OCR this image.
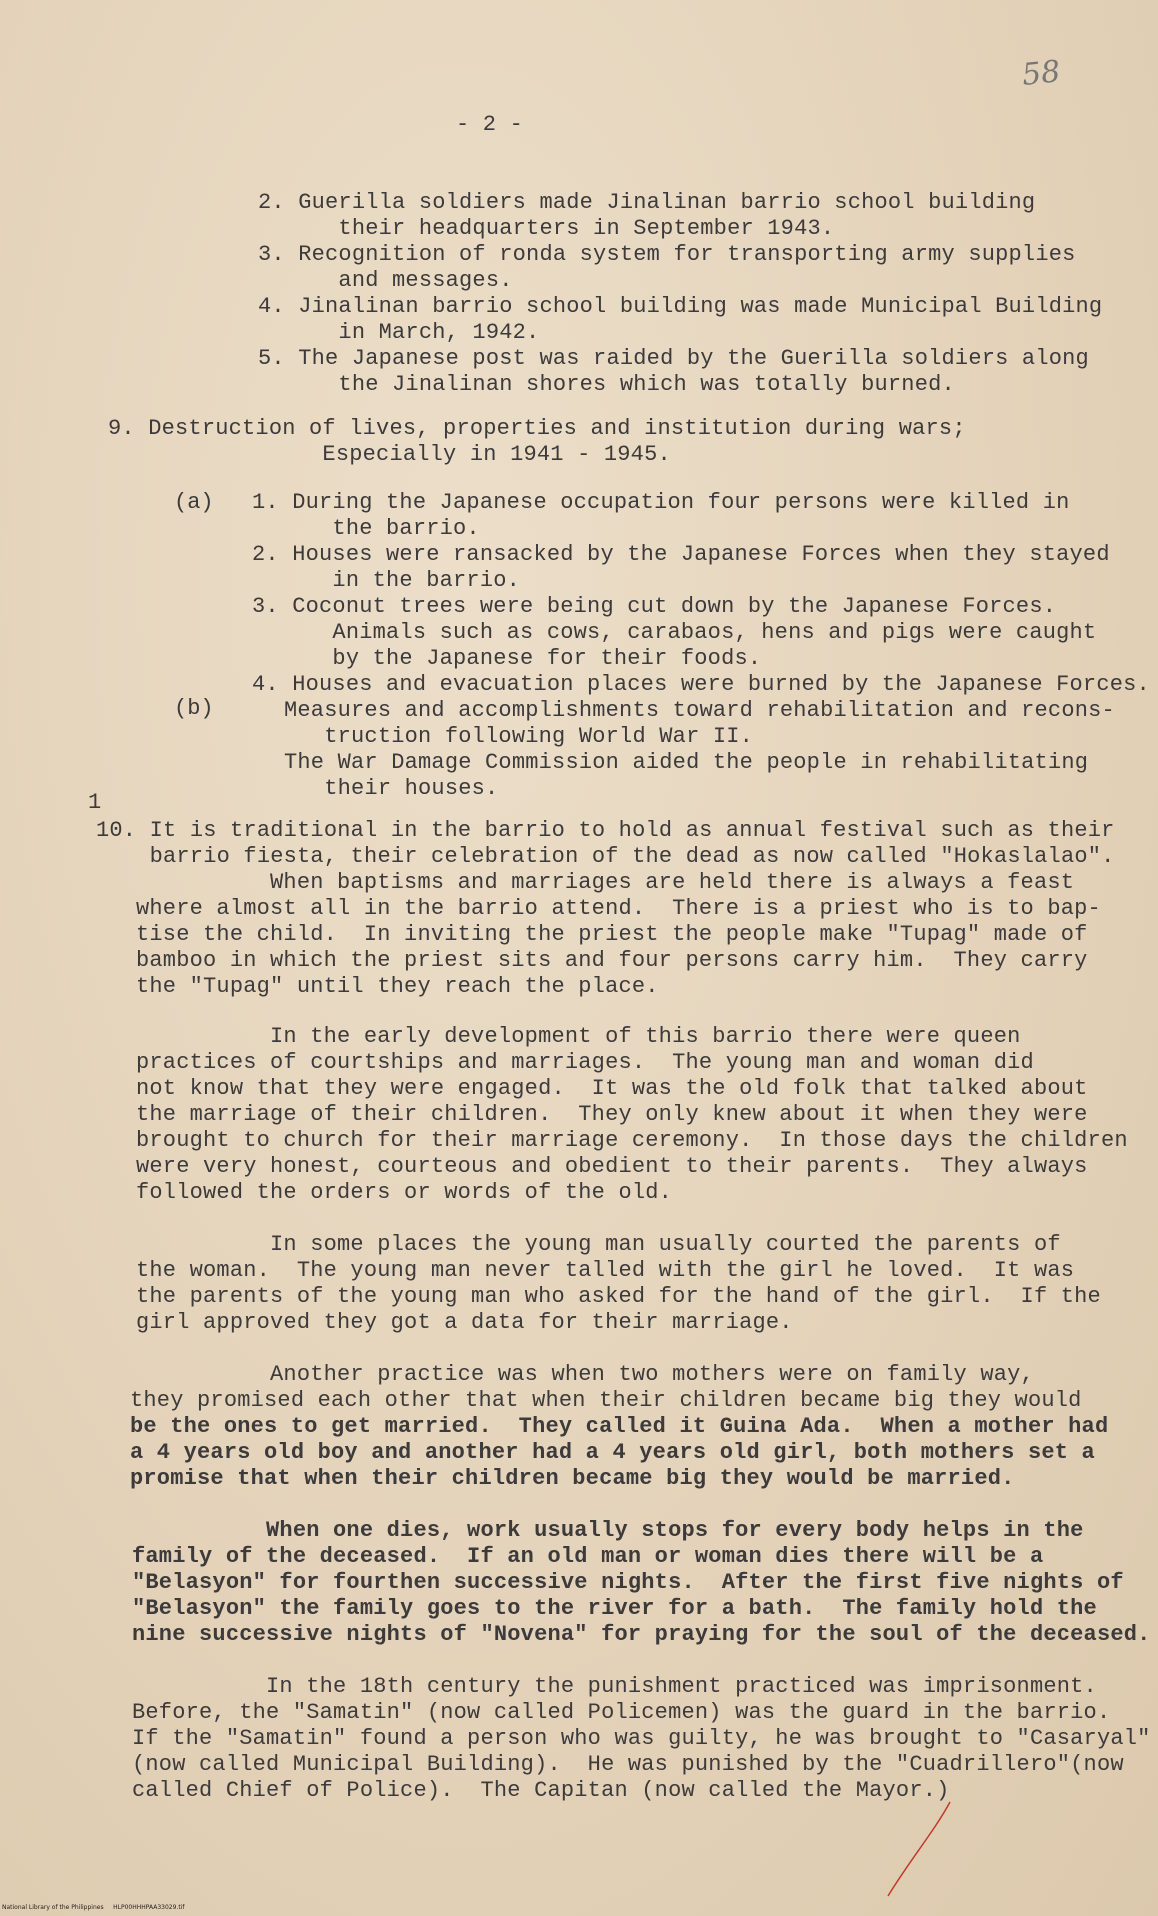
58
- 2 -
2. Guerilla soldiers made Jinalinan barrio school building
their headquarters in September 1943.
3. Recognition of ronda system for transporting army supplies
and messages.
4. Jinalinan barrio school building was made Municipal Building
in March, 1942.
5. The Japanese post was raided by the Guerilla soldiers along
the Jinalinan shores which was totally burned.
9. Destruction of lives, properties and institution during wars;
Especially in 1941 - 1945.
(a) 1. During the Japanese occupation four persons were killed in
the barrio.
2. Houses were ransacked by the Japanese Forces when they stayed
in the barrio.
3. Coconut trees were being cut down by the Japanese Forces.
Animals such as cows, carabaos, hens and pigs were caught
by the Japanese for their foods.
4. Houses and evacuation places were burned by the Japanese Forces.
(b)	Measures and accomplishments toward rehabilitation and recons-
truction following World War II.
The War Damage Commission aided the people in rehabilitating
their houses.
1
10. It is traditional in the barrio to hold as annual festival such as their
barrio fiesta, their celebration of the dead as now called "Hokaslalao".
When baptisms and marriages are held there is always a feast
where almost all in the barrio attend.  There is a priest who is to bap-
tise the child.  In inviting the priest the people make "Tupag" made of
bamboo in which the priest sits and four persons carry him.  They carry
the "Tupag" until they reach the place.
In the early development of this barrio there were queen
practices of courtships and marriages.  The young man and woman did
not know that they were engaged.  It was the old folk that talked about
the marriage of their children.  They only knew about it when they were
brought to church for their marriage ceremony.  In those days the children
were very honest, courteous and obedient to their parents.  They always
followed the orders or words of the old.
In some places the young man usually courted the parents of
the woman.  The young man never talled with the girl he loved.  It was
the parents of the young man who asked for the hand of the girl.  If the
girl approved they got a data for their marriage.
Another practice was when two mothers were on family way,
they promised each other that when their children became big they would
be the ones to get married.  They called it Guina Ada.  When a mother had
a 4 years old boy and another had a 4 years old girl, both mothers set a
promise that when their children became big they would be married.
When one dies, work usually stops for every body helps in the
family of the deceased.  If an old man or woman dies there will be a
"Belasyon" for fourthen successive nights.  After the first five nights of
"Belasyon" the family goes to the river for a bath.  The family hold the
nine successive nights of "Novena" for praying for the soul of the deceased.
In the 18th century the punishment practiced was imprisonment.
Before, the "Samatin" (now called Policemen) was the guard in the barrio.
If the "Samatin" found a person who was guilty, he was brought to "Casaryal"
(now called Municipal Building).  He was punished by the "Cuadrillero"(now
called Chief of Police).  The Capitan (now called the Mayor.)
National Library of the Philippines     HLP00HHHPAA33029.tif
